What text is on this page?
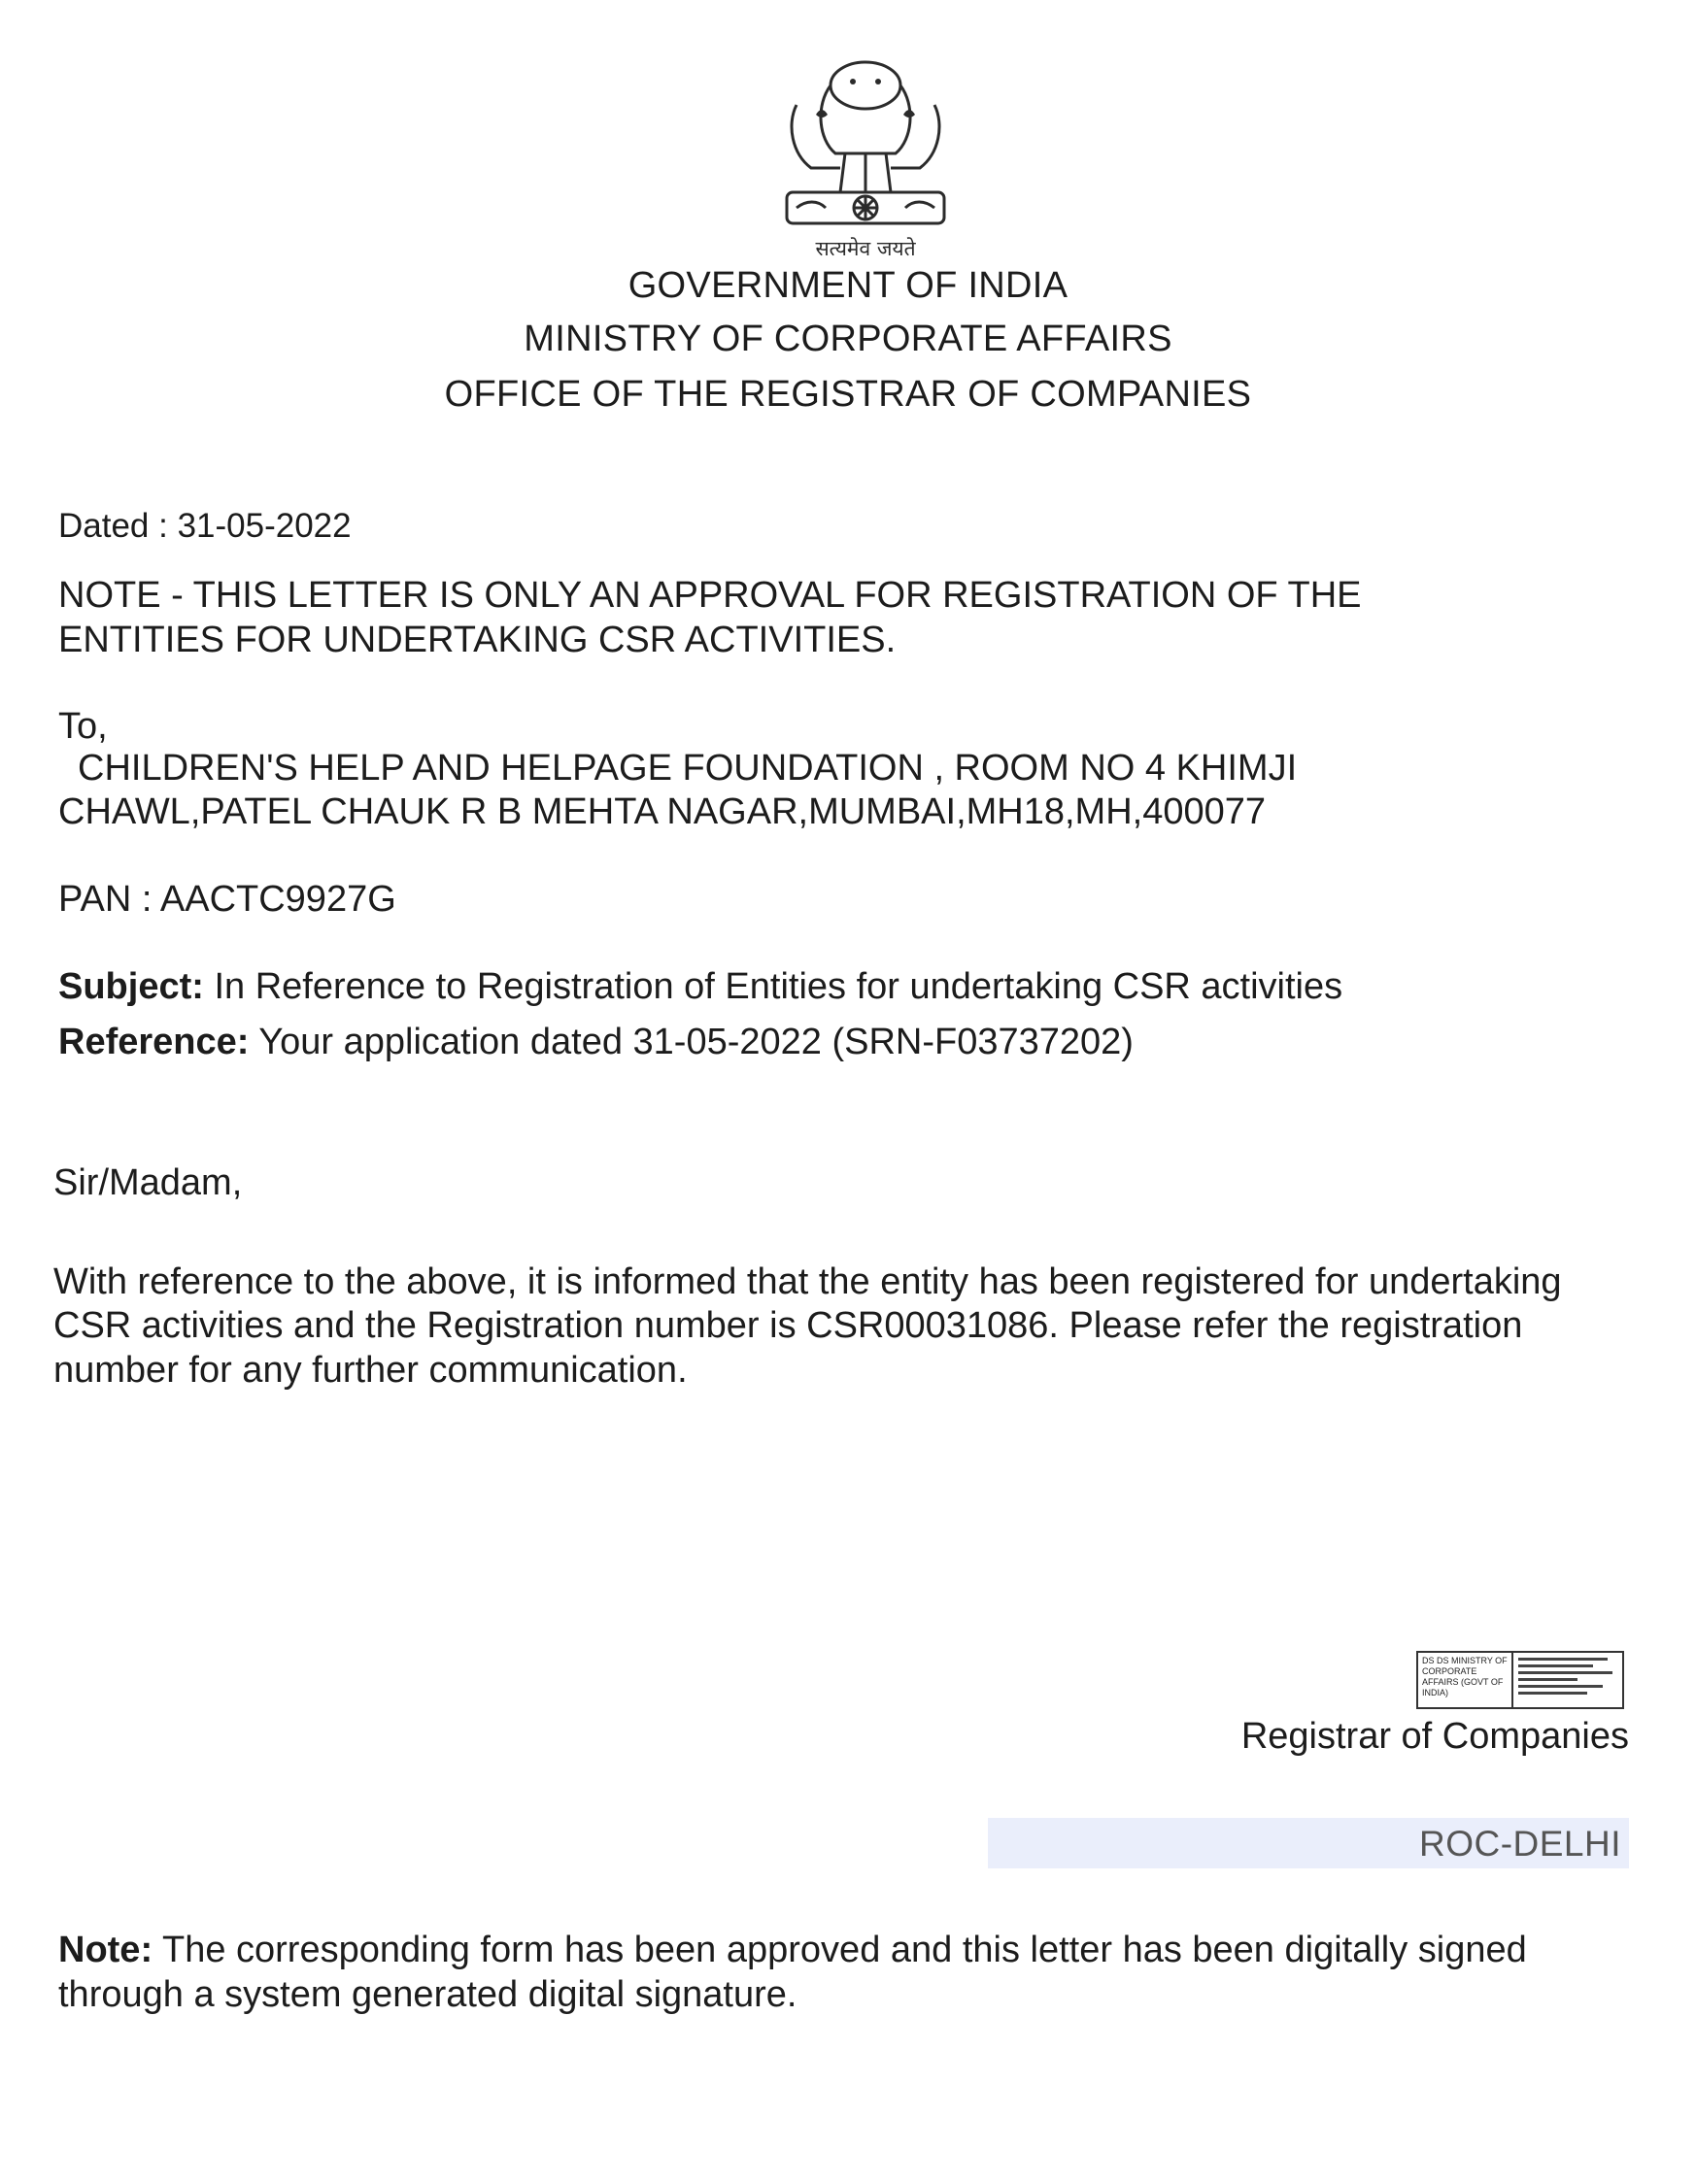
सत्यमेव जयते
GOVERNMENT OF INDIA
MINISTRY OF CORPORATE AFFAIRS
OFFICE OF THE REGISTRAR OF COMPANIES
Dated : 31-05-2022
NOTE - THIS LETTER IS ONLY AN APPROVAL FOR REGISTRATION OF THE
ENTITIES FOR UNDERTAKING CSR ACTIVITIES.
To,
CHILDREN'S HELP AND HELPAGE FOUNDATION , ROOM NO 4 KHIMJI
CHAWL,PATEL CHAUK R B MEHTA NAGAR,MUMBAI,MH18,MH,400077
PAN : AACTC9927G
Subject: In Reference to Registration of Entities for undertaking CSR activities
Reference: Your application dated 31-05-2022 (SRN-F03737202)
Sir/Madam,
With reference to the above, it is informed that the entity has been registered for undertaking
CSR activities and the Registration number is CSR00031086. Please refer the registration
number for any further communication.
DS DS MINISTRY OF CORPORATE AFFAIRS (GOVT OF INDIA)
Registrar of Companies
ROC-DELHI
Note: The corresponding form has been approved and this letter has been digitally signed
through a system generated digital signature.
